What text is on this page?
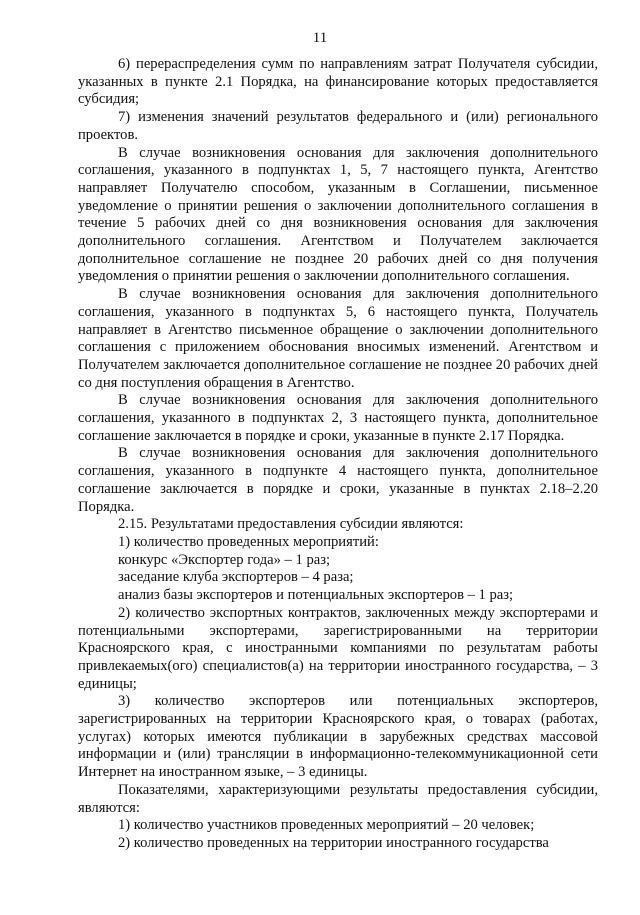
11

6) перераспределения сумм по направлениям затрат Получателя субсидии, указанных в пункте 2.1 Порядка, на финансирование которых предоставляется субсидия;

7) изменения значений результатов федерального и (или) регионального проектов.

В случае возникновения основания для заключения дополнительного соглашения, указанного в подпунктах 1, 5, 7 настоящего пункта, Агентство направляет Получателю способом, указанным в Соглашении, письменное уведомление о принятии решения о заключении дополнительного соглашения в течение 5 рабочих дней со дня возникновения основания для заключения дополнительного соглашения. Агентством и Получателем заключается дополнительное соглашение не позднее 20 рабочих дней со дня получения уведомления о принятии решения о заключении дополнительного соглашения.

В случае возникновения основания для заключения дополнительного соглашения, указанного в подпунктах 5, 6 настоящего пункта, Получатель направляет в Агентство письменное обращение о заключении дополнительного соглашения с приложением обоснования вносимых изменений. Агентством и Получателем заключается дополнительное соглашение не позднее 20 рабочих дней со дня поступления обращения в Агентство.

В случае возникновения основания для заключения дополнительного соглашения, указанного в подпунктах 2, 3 настоящего пункта, дополнительное соглашение заключается в порядке и сроки, указанные в пункте 2.17 Порядка.

В случае возникновения основания для заключения дополнительного соглашения, указанного в подпункте 4 настоящего пункта, дополнительное соглашение заключается в порядке и сроки, указанные в пунктах 2.18–2.20 Порядка.

2.15. Результатами предоставления субсидии являются:

1) количество проведенных мероприятий:

конкурс «Экспортер года» – 1 раз;

заседание клуба экспортеров – 4 раза;

анализ базы экспортеров и потенциальных экспортеров – 1 раз;

2) количество экспортных контрактов, заключенных между экспортерами и потенциальными экспортерами, зарегистрированными на территории Красноярского края, с иностранными компаниями по результатам работы привлекаемых(ого) специалистов(а) на территории иностранного государства, – 3 единицы;

3) количество экспортеров или потенциальных экспортеров, зарегистрированных на территории Красноярского края, о товарах (работах, услугах) которых имеются публикации в зарубежных средствах массовой информации и (или) трансляции в информационно-телекоммуникационной сети Интернет на иностранном языке, – 3 единицы.

Показателями, характеризующими результаты предоставления субсидии, являются:

1) количество участников проведенных мероприятий – 20 человек;

2) количество проведенных на территории иностранного государства
